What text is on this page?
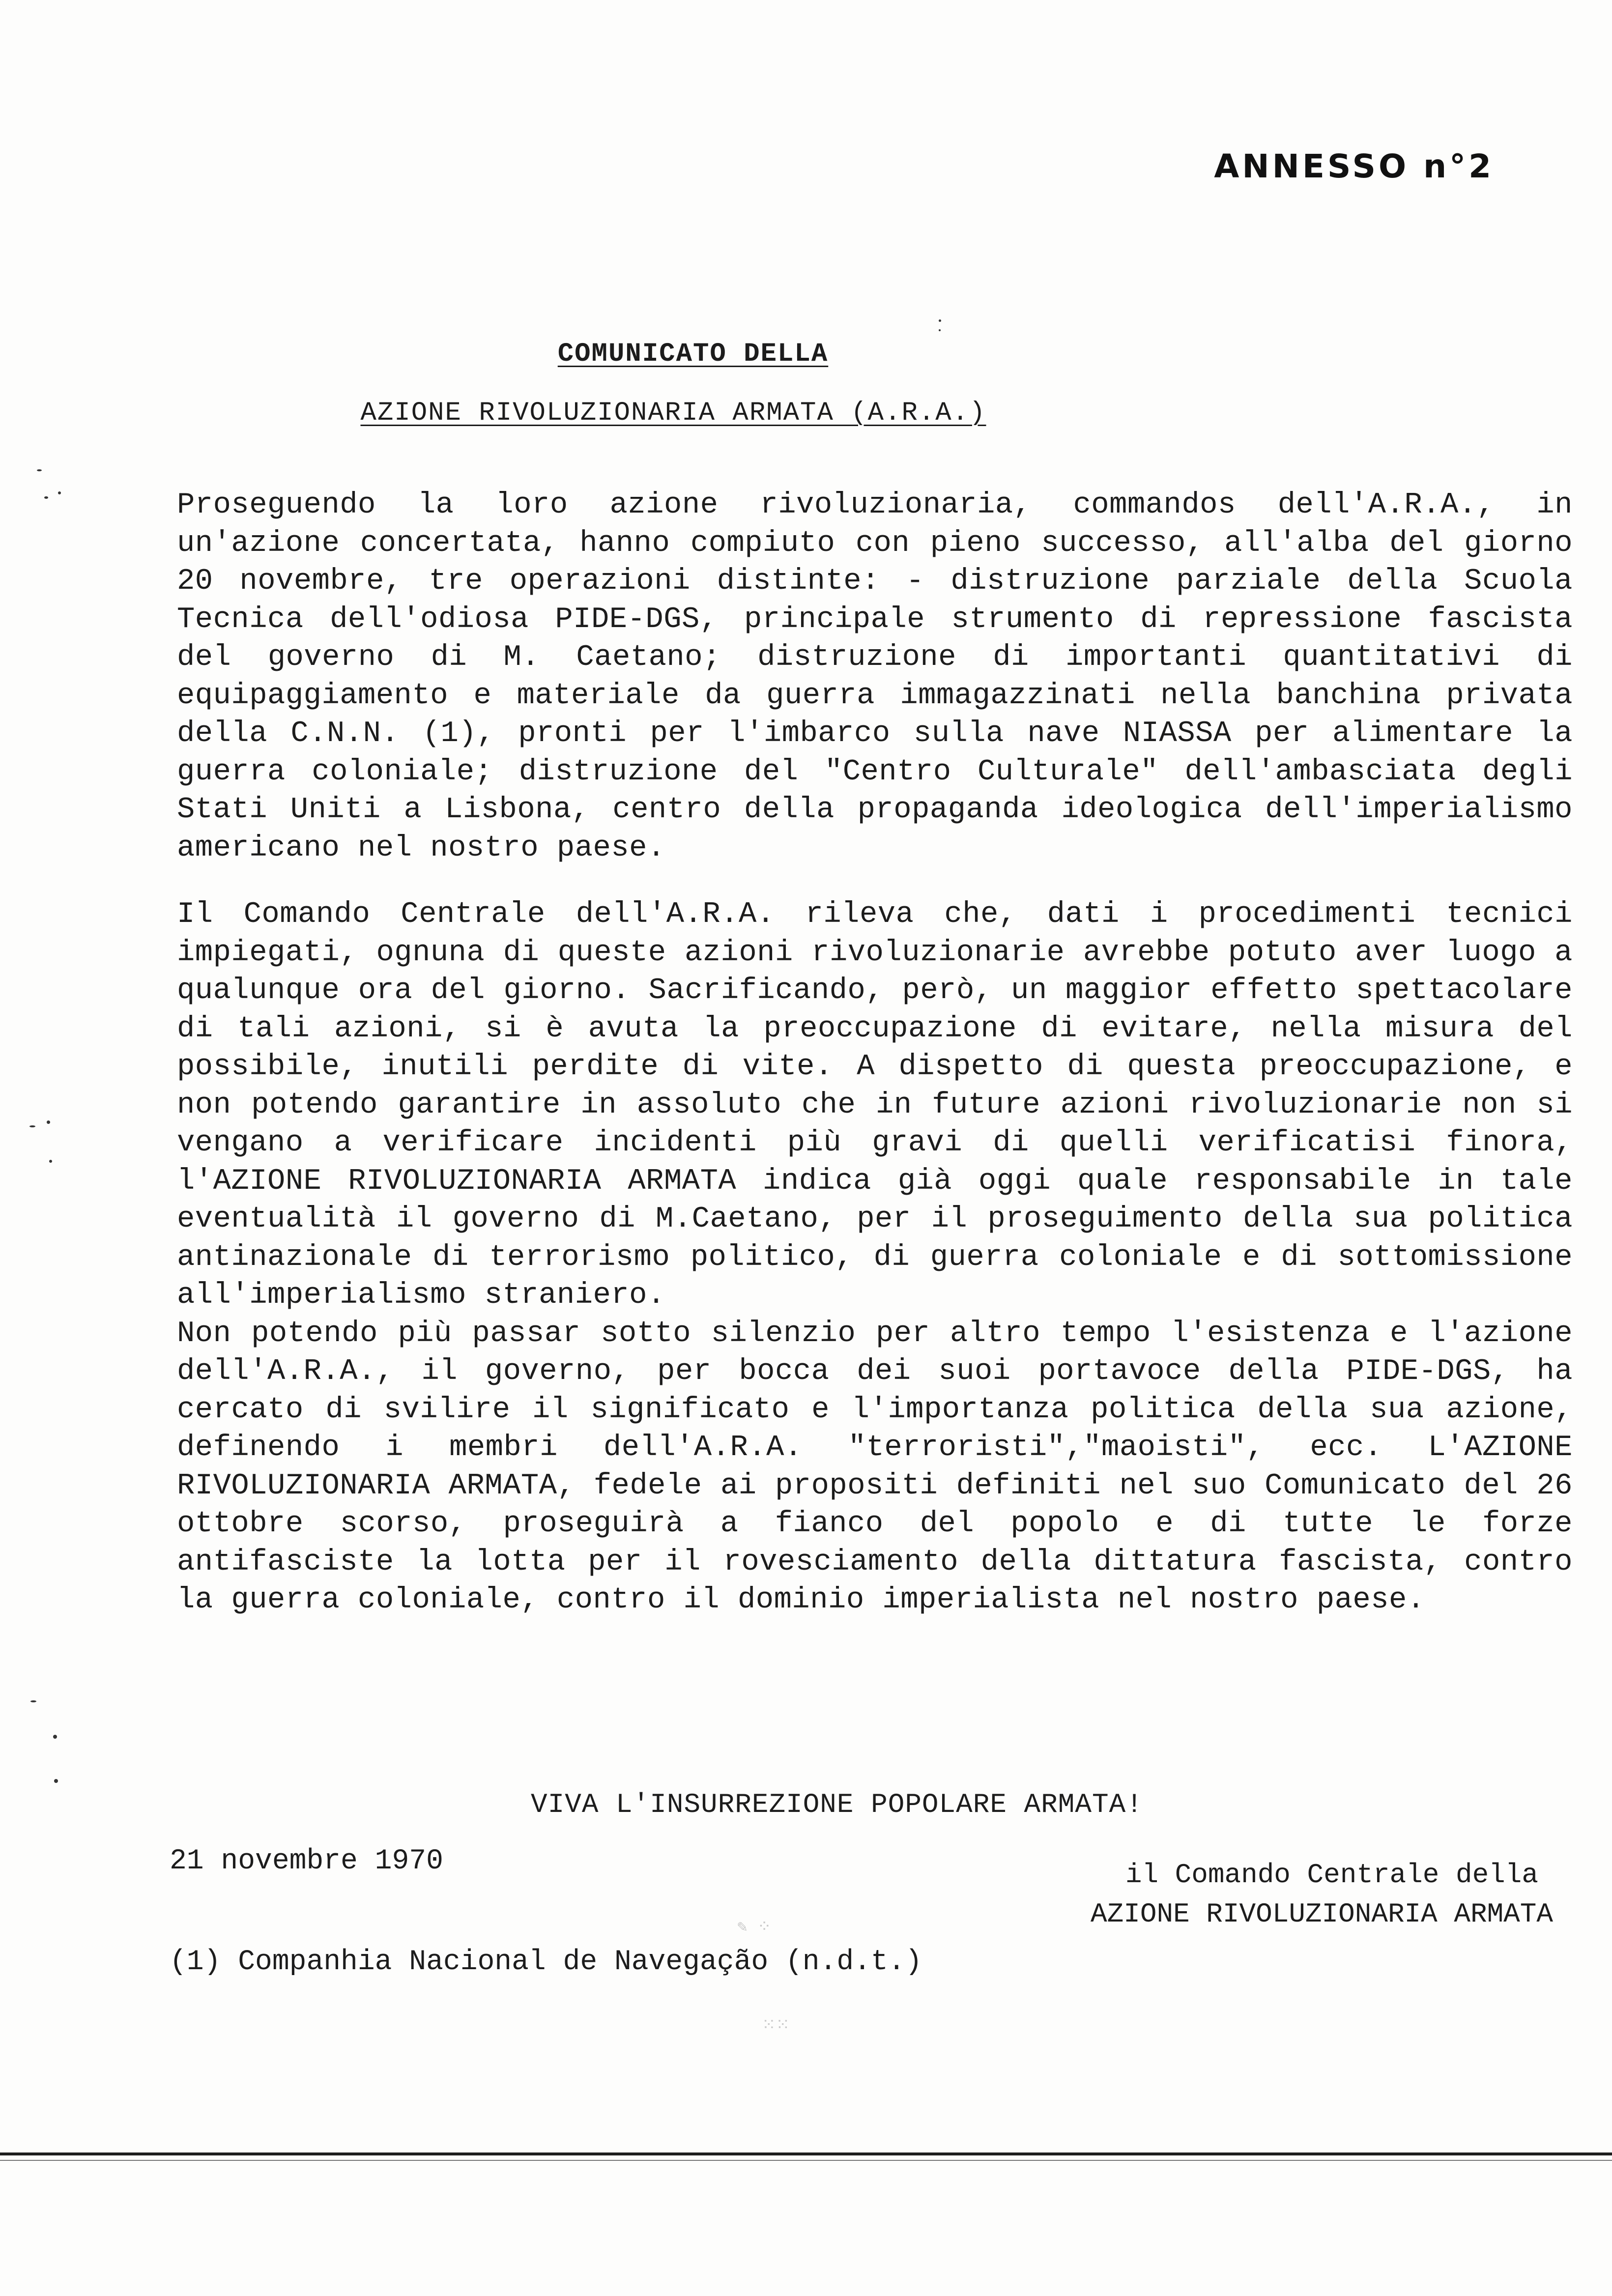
ANNESSO n°2
COMUNICATO DELLA
AZIONE RIVOLUZIONARIA ARMATA (A.R.A.)

Proseguendo la loro azione rivoluzionaria, commandos dell'A.R.A., in un'azione concertata, hanno compiuto con pieno successo, all'alba del giorno 20 novembre, tre operazioni distinte: - distruzione parziale della Scuola Tecnica dell'odiosa PIDE-DGS, principale strumento di repressione fascista del governo di M. Caetano; distruzione di importanti quantitativi di equipaggiamento e materiale da guerra immagazzinati nella banchina privata della C.N.N. (1), pronti per l'imbarco sulla nave NIASSA per alimentare la guerra coloniale; distruzione del "Centro Culturale" dell'ambasciata degli Stati Uniti a Lisbona, centro della propaganda ideologica dell'imperialismo americano nel nostro paese.

Il Comando Centrale dell'A.R.A. rileva che, dati i procedimenti tecnici impiegati, ognuna di queste azioni rivoluzionarie avrebbe potuto aver luogo a qualunque ora del giorno. Sacrificando, però, un maggior effetto spettacolare di tali azioni, si è avuta la preoccupazione di evitare, nella misura del possibile, inutili perdite di vite. A dispetto di questa preoccupazione, e non potendo garantire in assoluto che in future azioni rivoluzionarie non si vengano a verificare incidenti più gravi di quelli verificatisi finora, l'AZIONE RIVOLUZIONARIA ARMATA indica già oggi quale responsabile in tale eventualità il governo di M.Caetano, per il proseguimento della sua politica antinazionale di terrorismo politico, di guerra coloniale e di sottomissione all'imperialismo straniero.

Non potendo più passar sotto silenzio per altro tempo l'esistenza e l'azione dell'A.R.A., il governo, per bocca dei suoi portavoce della PIDE-DGS, ha cercato di svilire il significato e l'importanza politica della sua azione, definendo i membri dell'A.R.A. "terroristi","maoisti", ecc. L'AZIONE RIVOLUZIONARIA ARMATA, fedele ai propositi definiti nel suo Comunicato del 26 ottobre scorso, proseguirà a fianco del popolo e di tutte le forze antifasciste la lotta per il rovesciamento della dittatura fascista, contro la guerra coloniale, contro il dominio imperialista nel nostro paese.

VIVA L'INSURREZIONE POPOLARE ARMATA!
21 novembre 1970	il Comando Centrale della
AZIONE RIVOLUZIONARIA ARMATA
(1) Companhia Nacional de Navegação (n.d.t.)
✎ ⁘
⁙⁙
